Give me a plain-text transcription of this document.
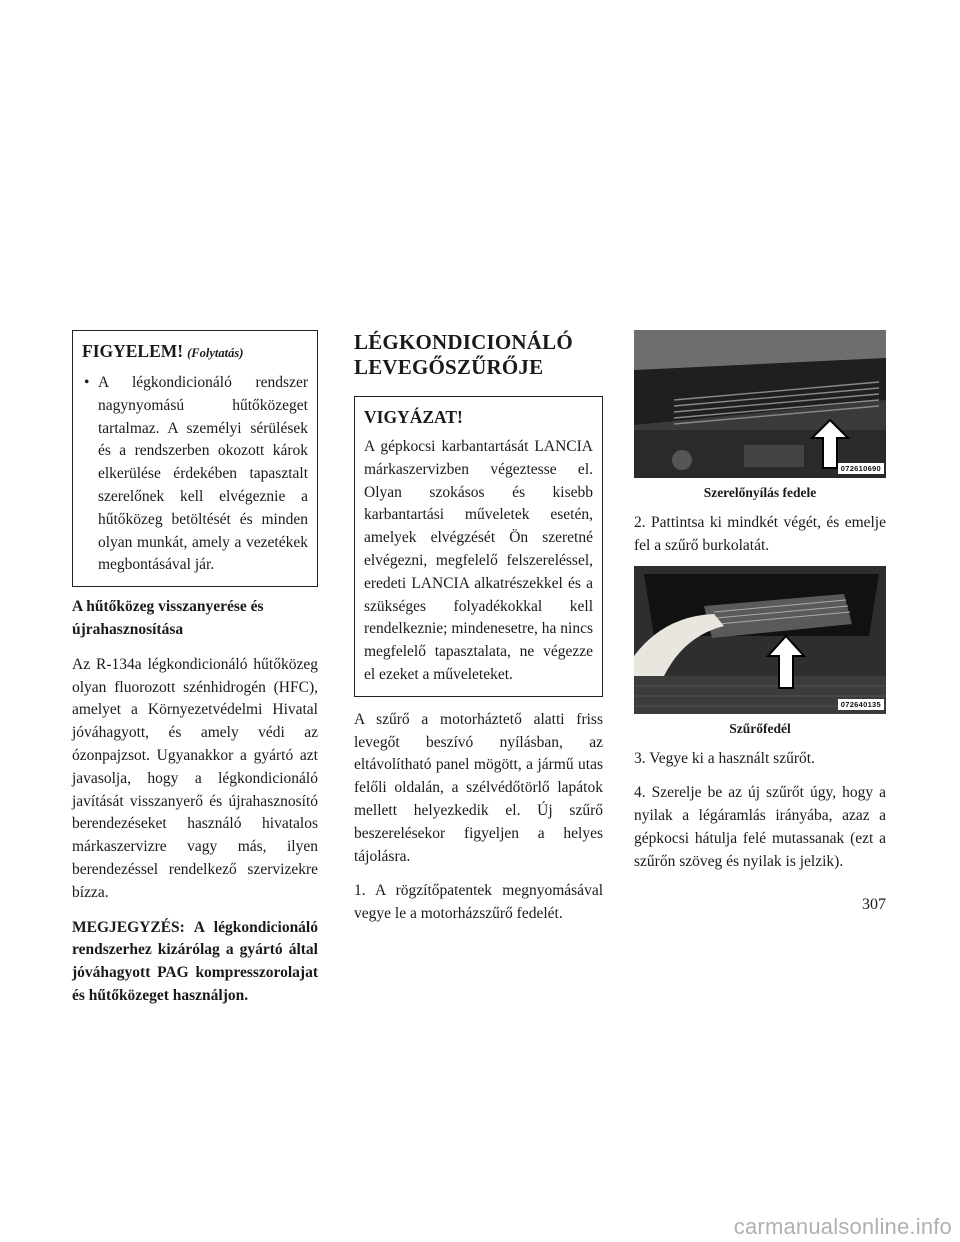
FIGYELEM! (Folytatás)

• A légkondicionáló rendszer nagynyomású hűtőközeget tartalmaz. A személyi sérülések és a rendszerben okozott károk elkerülése érdekében tapasztalt szerelőnek kell elvégeznie a hűtőközeg betöltését és minden olyan munkát, amely a vezetékek megbontásával jár.

A hűtőközeg visszanyerése és újrahasznosítása

Az R-134a légkondicionáló hűtőközeg olyan fluorozott szénhidrogén (HFC), amelyet a Környezetvédelmi Hivatal jóváhagyott, és amely védi az ózonpajzsot. Ugyanakkor a gyártó azt javasolja, hogy a légkondicionáló javítását visszanyerő és újrahasznosító berendezéseket használó hivatalos márkaszervizre vagy más, ilyen berendezéssel rendelkező szervizekre bízza.

MEGJEGYZÉS: A légkondicionáló rendszerhez kizárólag a gyártó által jóváhagyott PAG kompresszorolajat és hűtőközeget használjon.

LÉGKONDICIONÁLÓ LEVEGŐSZŰRŐJE
VIGYÁZAT!

A gépkocsi karbantartását LANCIA márkaszervizben végeztesse el. Olyan szokásos és kisebb karbantartási műveletek esetén, amelyek elvégzését Ön szeretné elvégezni, megfelelő felszereléssel, eredeti LANCIA alkatrészekkel és a szükséges folyadékokkal kell rendelkeznie; mindenesetre, ha nincs megfelelő tapasztalata, ne végezze el ezeket a műveleteket.

A szűrő a motorháztető alatti friss levegőt beszívó nyílásban, az eltávolítható panel mögött, a jármű utas felőli oldalán, a szélvédőtörlő lapátok mellett helyezkedik el. Új szűrő beszerelésekor figyeljen a helyes tájolásra.

1. A rögzítőpatentek megnyomásával vegye le a motorházszűrő fedelét.

072610690
Szerelőnyílás fedele

2. Pattintsa ki mindkét végét, és emelje fel a szűrő burkolatát.

072640135
Szűrőfedél

3. Vegye ki a használt szűrőt.

4. Szerelje be az új szűrőt úgy, hogy a nyilak a légáramlás irányába, azaz a gépkocsi hátulja felé mutassanak (ezt a szűrőn szöveg és nyilak is jelzik).

307
carmanualsonline.info
